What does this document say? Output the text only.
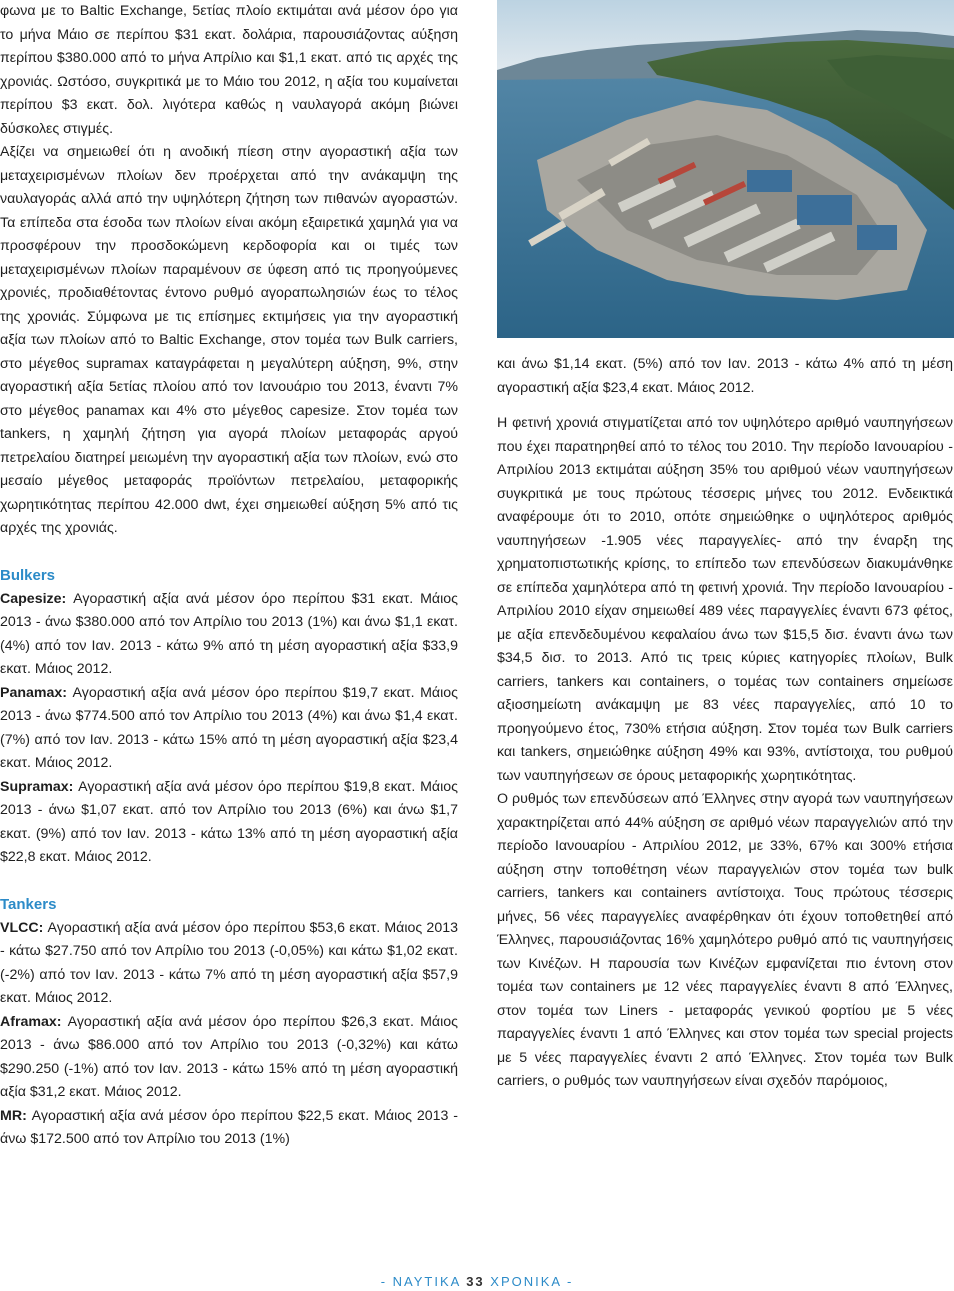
φωνα με το Baltic Exchange, 5ετίας πλοίο εκτιμάται ανά μέσον όρο για το μήνα Μάιο σε περίπου $31 εκατ. δολάρια, παρουσιάζοντας αύξηση περίπου $380.000 από το μήνα Απρίλιο και $1,1 εκατ. από τις αρχές της χρονιάς. Ωστόσο, συγκριτικά με το Μάιο του 2012, η αξία του κυμαίνεται περίπου $3 εκατ. δολ. λιγότερα καθώς η ναυλαγορά ακόμη βιώνει δύσκολες στιγμές.

Αξίζει να σημειωθεί ότι η ανοδική πίεση στην αγοραστική αξία των μεταχειρισμένων πλοίων δεν προέρχεται από την ανάκαμψη της ναυλαγοράς αλλά από την υψηλότερη ζήτηση των πιθανών αγοραστών. Τα επίπεδα στα έσοδα των πλοίων είναι ακόμη εξαιρετικά χαμηλά για να προσφέρουν την προσδοκώμενη κερδοφορία και οι τιμές των μεταχειρισμένων πλοίων παραμένουν σε ύφεση από τις προηγούμενες χρονιές, προδιαθέτοντας έντονο ρυθμό αγοραπωλησιών έως το τέλος της χρονιάς. Σύμφωνα με τις επίσημες εκτιμήσεις για την αγοραστική αξία των πλοίων από το Baltic Exchange, στον τομέα των Bulk carriers, στο μέγεθος supramax καταγράφεται η μεγαλύτερη αύξηση, 9%, στην αγοραστική αξία 5ετίας πλοίου από τον Ιανουάριο του 2013, έναντι 7% στο μέγεθος panamax και 4% στο μέγεθος capesize. Στον τομέα των tankers, η χαμηλή ζήτηση για αγορά πλοίων μεταφοράς αργού πετρελαίου διατηρεί μειωμένη την αγοραστική αξία των πλοίων, ενώ στο μεσαίο μέγεθος μεταφοράς προϊόντων πετρελαίου, μεταφορικής χωρητικότητας περίπου 42.000 dwt, έχει σημειωθεί αύξηση 5% από τις αρχές της χρονιάς.

Bulkers

Capesize: Αγοραστική αξία ανά μέσον όρο περίπου $31 εκατ. Μάιος 2013 - άνω $380.000 από τον Απρίλιο του 2013 (1%) και άνω $1,1 εκατ. (4%) από τον Ιαν. 2013 - κάτω 9% από τη μέση αγοραστική αξία $33,9 εκατ. Μάιος 2012.

Panamax: Αγοραστική αξία ανά μέσον όρο περίπου $19,7 εκατ. Μάιος 2013 - άνω $774.500 από τον Απρίλιο του 2013 (4%) και άνω $1,4 εκατ. (7%) από τον Ιαν. 2013 - κάτω 15% από τη μέση αγοραστική αξία $23,4 εκατ. Μάιος 2012.

Supramax: Αγοραστική αξία ανά μέσον όρο περίπου $19,8 εκατ. Μάιος 2013 - άνω $1,07 εκατ. από τον Απρίλιο του 2013 (6%) και άνω $1,7 εκατ. (9%) από τον Ιαν. 2013 - κάτω 13% από τη μέση αγοραστική αξία $22,8 εκατ. Μάιος 2012.

Tankers

VLCC: Αγοραστική αξία ανά μέσον όρο περίπου $53,6 εκατ. Μάιος 2013 - κάτω $27.750 από τον Απρίλιο του 2013 (-0,05%) και κάτω $1,02 εκατ. (-2%) από τον Ιαν. 2013 - κάτω 7% από τη μέση αγοραστική αξία $57,9 εκατ. Μάιος 2012.

Aframax: Αγοραστική αξία ανά μέσον όρο περίπου $26,3 εκατ. Μάιος 2013 - άνω $86.000 από τον Απρίλιο του 2013 (-0,32%) και κάτω $290.250 (-1%) από τον Ιαν. 2013 - κάτω 15% από τη μέση αγοραστική αξία $31,2 εκατ. Μάιος 2012.

MR: Αγοραστική αξία ανά μέσον όρο περίπου $22,5 εκατ. Μάιος 2013 - άνω $172.500 από τον Απρίλιο του 2013 (1%)

και άνω $1,14 εκατ. (5%) από τον Ιαν. 2013 - κάτω 4% από τη μέση αγοραστική αξία $23,4 εκατ. Μάιος 2012.

Η φετινή χρονιά στιγματίζεται από τον υψηλότερο αριθμό ναυπηγήσεων που έχει παρατηρηθεί από το τέλος του 2010. Την περίοδο Ιανουαρίου - Απριλίου 2013 εκτιμάται αύξηση 35% του αριθμού νέων ναυπηγήσεων συγκριτικά με τους πρώτους τέσσερις μήνες του 2012. Ενδεικτικά αναφέρουμε ότι το 2010, οπότε σημειώθηκε ο υψηλότερος αριθμός ναυπηγήσεων -1.905 νέες παραγγελίες- από την έναρξη της χρηματοπιστωτικής κρίσης, το επίπεδο των επενδύσεων διακυμάνθηκε σε επίπεδα χαμηλότερα από τη φετινή χρονιά. Την περίοδο Ιανουαρίου - Απριλίου 2010 είχαν σημειωθεί 489 νέες παραγγελίες έναντι 673 φέτος, με αξία επενδεδυμένου κεφαλαίου άνω των $15,5 δισ. έναντι άνω των $34,5 δισ. το 2013. Από τις τρεις κύριες κατηγορίες πλοίων, Bulk carriers, tankers και containers, ο τομέας των containers σημείωσε αξιοσημείωτη ανάκαμψη με 83 νέες παραγγελίες, από 10 το προηγούμενο έτος, 730% ετήσια αύξηση. Στον τομέα των Bulk carriers και tankers, σημειώθηκε αύξηση 49% και 93%, αντίστοιχα, του ρυθμού των ναυπηγήσεων σε όρους μεταφορικής χωρητικότητας.

Ο ρυθμός των επενδύσεων από Έλληνες στην αγορά των ναυπηγήσεων χαρακτηρίζεται από 44% αύξηση σε αριθμό νέων παραγγελιών από την περίοδο Ιανουαρίου - Απριλίου 2012, με 33%, 67% και 300% ετήσια αύξηση στην τοποθέτηση νέων παραγγελιών στον τομέα των bulk carriers, tankers και containers αντίστοιχα. Τους πρώτους τέσσερις μήνες, 56 νέες παραγγελίες αναφέρθηκαν ότι έχουν τοποθετηθεί από Έλληνες, παρουσιάζοντας 16% χαμηλότερο ρυθμό από τις ναυπηγήσεις των Κινέζων. Η παρουσία των Κινέζων εμφανίζεται πιο έντονη στον τομέα των containers με 12 νέες παραγγελίες έναντι 8 από Έλληνες, στον τομέα των Liners - μεταφοράς γενικού φορτίου με 5 νέες παραγγελίες έναντι 1 από Έλληνες και στον τομέα των special projects με 5 νέες παραγγελίες έναντι 2 από Έλληνες. Στον τομέα των Bulk carriers, ο ρυθμός των ναυπηγήσεων είναι σχεδόν παρόμοιος,

- ΝΑΥΤΙΚΑ 33 ΧΡΟΝΙΚΑ -
